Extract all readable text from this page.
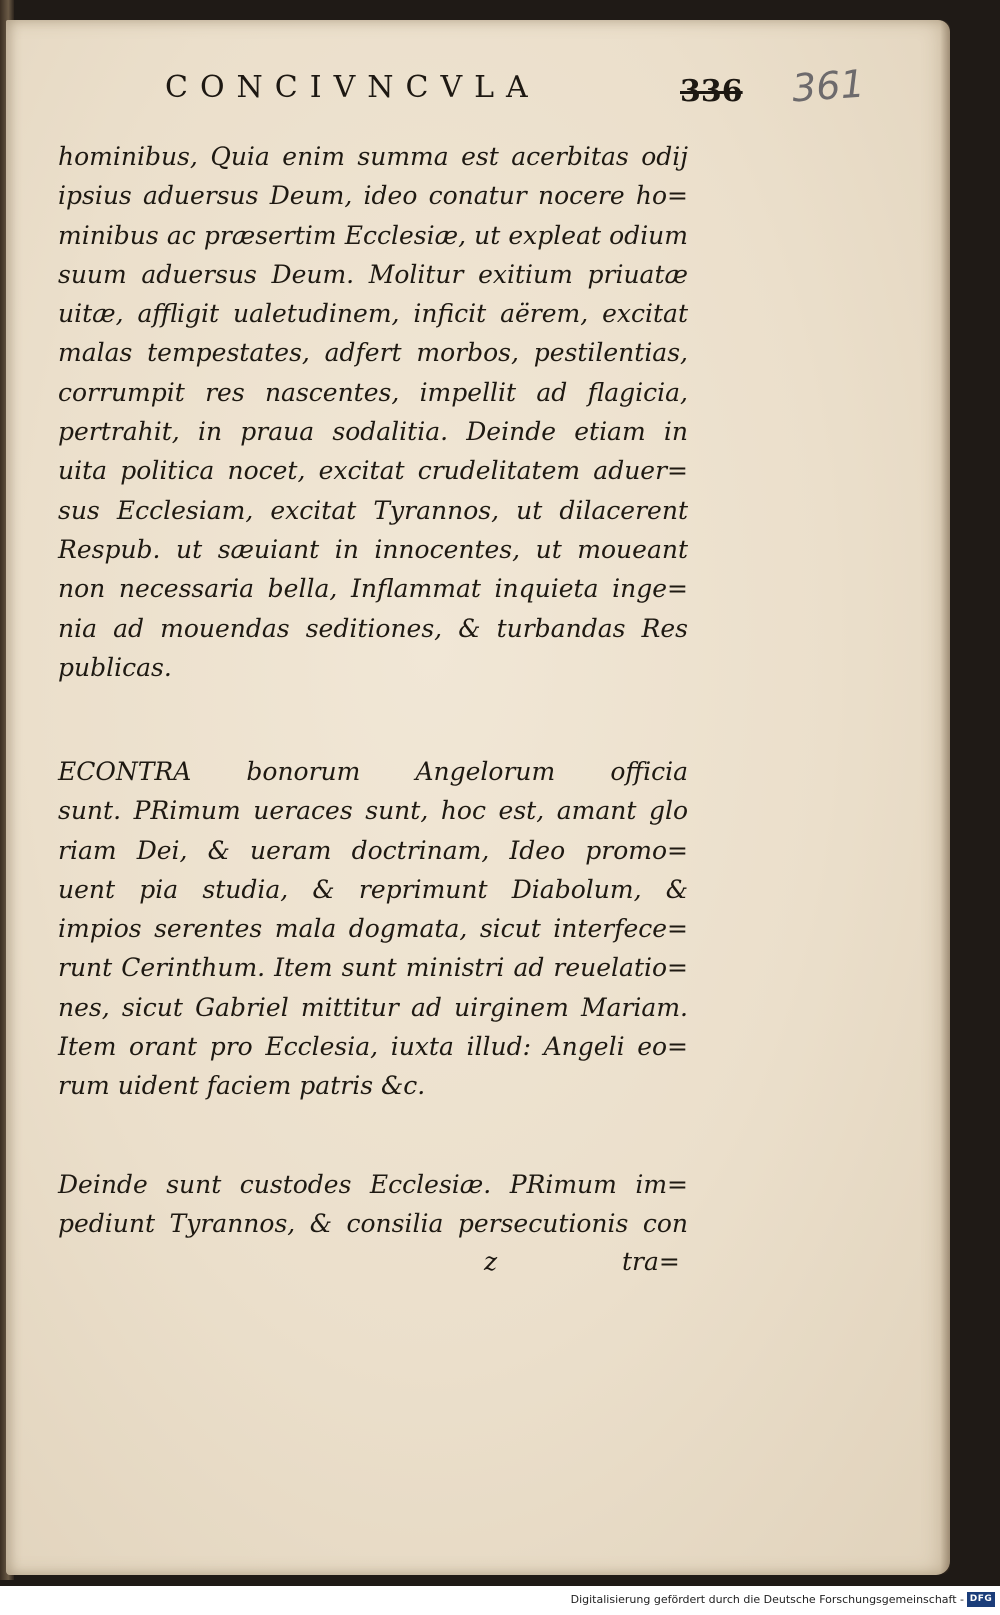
CONCIVNCVLA	336 361
hominibus, Quia enim summa est acerbitas odij
ipsius aduersus Deum, ideo conatur nocere ho=
minibus ac præsertim Ecclesiæ, ut expleat odium
suum aduersus Deum. Molitur exitium priuatæ
uitæ, affligit ualetudinem, inficit aërem, excitat
malas tempestates, adfert morbos, pestilentias,
corrumpit res nascentes, impellit ad flagicia,
pertrahit, in praua sodalitia. Deinde etiam in
uita politica nocet, excitat crudelitatem aduer=
sus Ecclesiam, excitat Tyrannos, ut dilacerent
Respub. ut sæuiant in innocentes, ut moueant
non necessaria bella, Inflammat inquieta inge=
nia ad mouendas seditiones, & turbandas Res
publicas.
ECONTRA bonorum Angelorum officia
sunt. PRimum ueraces sunt, hoc est, amant glo
riam Dei, & ueram doctrinam, Ideo promo=
uent pia studia, & reprimunt Diabolum, &
impios serentes mala dogmata, sicut interfece=
runt Cerinthum. Item sunt ministri ad reuelatio=
nes, sicut Gabriel mittitur ad uirginem Mariam.
Item orant pro Ecclesia, iuxta illud: Angeli eo=
rum uident faciem patris &c.
Deinde sunt custodes Ecclesiæ. PRimum im=
pediunt Tyrannos, & consilia persecutionis con
z	tra=
Digitalisierung gefördert durch die Deutsche Forschungsgemeinschaft - DFG
